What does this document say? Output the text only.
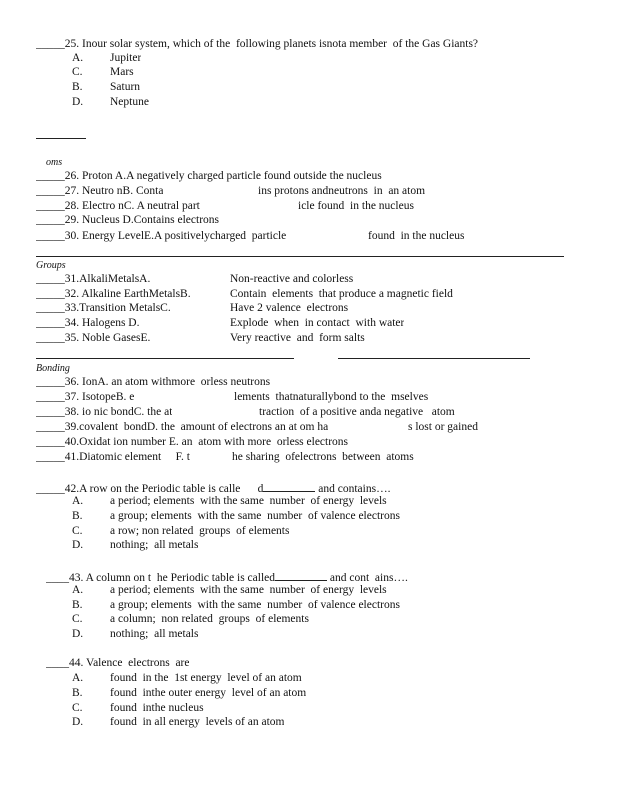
_____25. Inour solar system, which of the  following planets isnota member  of the Gas Giants?
A. Jupiter
C. Mars
B. Saturn
D. Neptune
oms
_____26. Proton A.A negatively charged particle found outside the nucleus
_____27. Neutro nB. Conta	ins protons andneutrons  in  an atom
_____28. Electro nC. A neutral part	icle found  in the nucleus
_____29. Nucleus D.Contains electrons
_____30. Energy LevelE.A positivelycharged  particle	found  in the nucleus
Groups
_____31.AlkaliMetalsA.	Non-reactive and colorless
_____32. Alkaline EarthMetalsB.	Contain  elements  that produce a magnetic field
_____33.Transition MetalsC.	Have 2 valence  electrons
_____34. Halogens D.	Explode  when  in contact  with water
_____35. Noble GasesE.	Very reactive  and  form salts
Bonding
_____36. IonA. an atom withmore  orless neutrons
_____37. IsotopeB. e	lements  thatnaturallybond to the  mselves
_____38. io nic bondC. the at	traction  of a positive anda negative   atom
_____39.covalent  bondD. the  amount of electrons an at om ha	s lost or gained
_____40.Oxidat ion number E. an  atom with more  orless electrons
_____41.Diatomic element     F. t	he sharing  ofelectrons  between  atoms
_____42.A row on the Periodic table is calle      d	and contains….
A. a period; elements  with the same  number  of energy  levels
B. a group; elements  with the same  number  of valence electrons
C. a row; non related  groups  of elements
D. nothing;  all metals
____43. A column on t  he Periodic table is called	and cont  ains….
A. a period; elements  with the same  number  of energy  levels
B. a group; elements  with the same  number  of valence electrons
C. a column;  non related  groups  of elements
D. nothing;  all metals
____44. Valence  electrons  are
A. found  in the  1st energy  level of an atom
B. found  inthe outer energy  level of an atom
C. found  inthe nucleus
D. found  in all energy  levels of an atom
